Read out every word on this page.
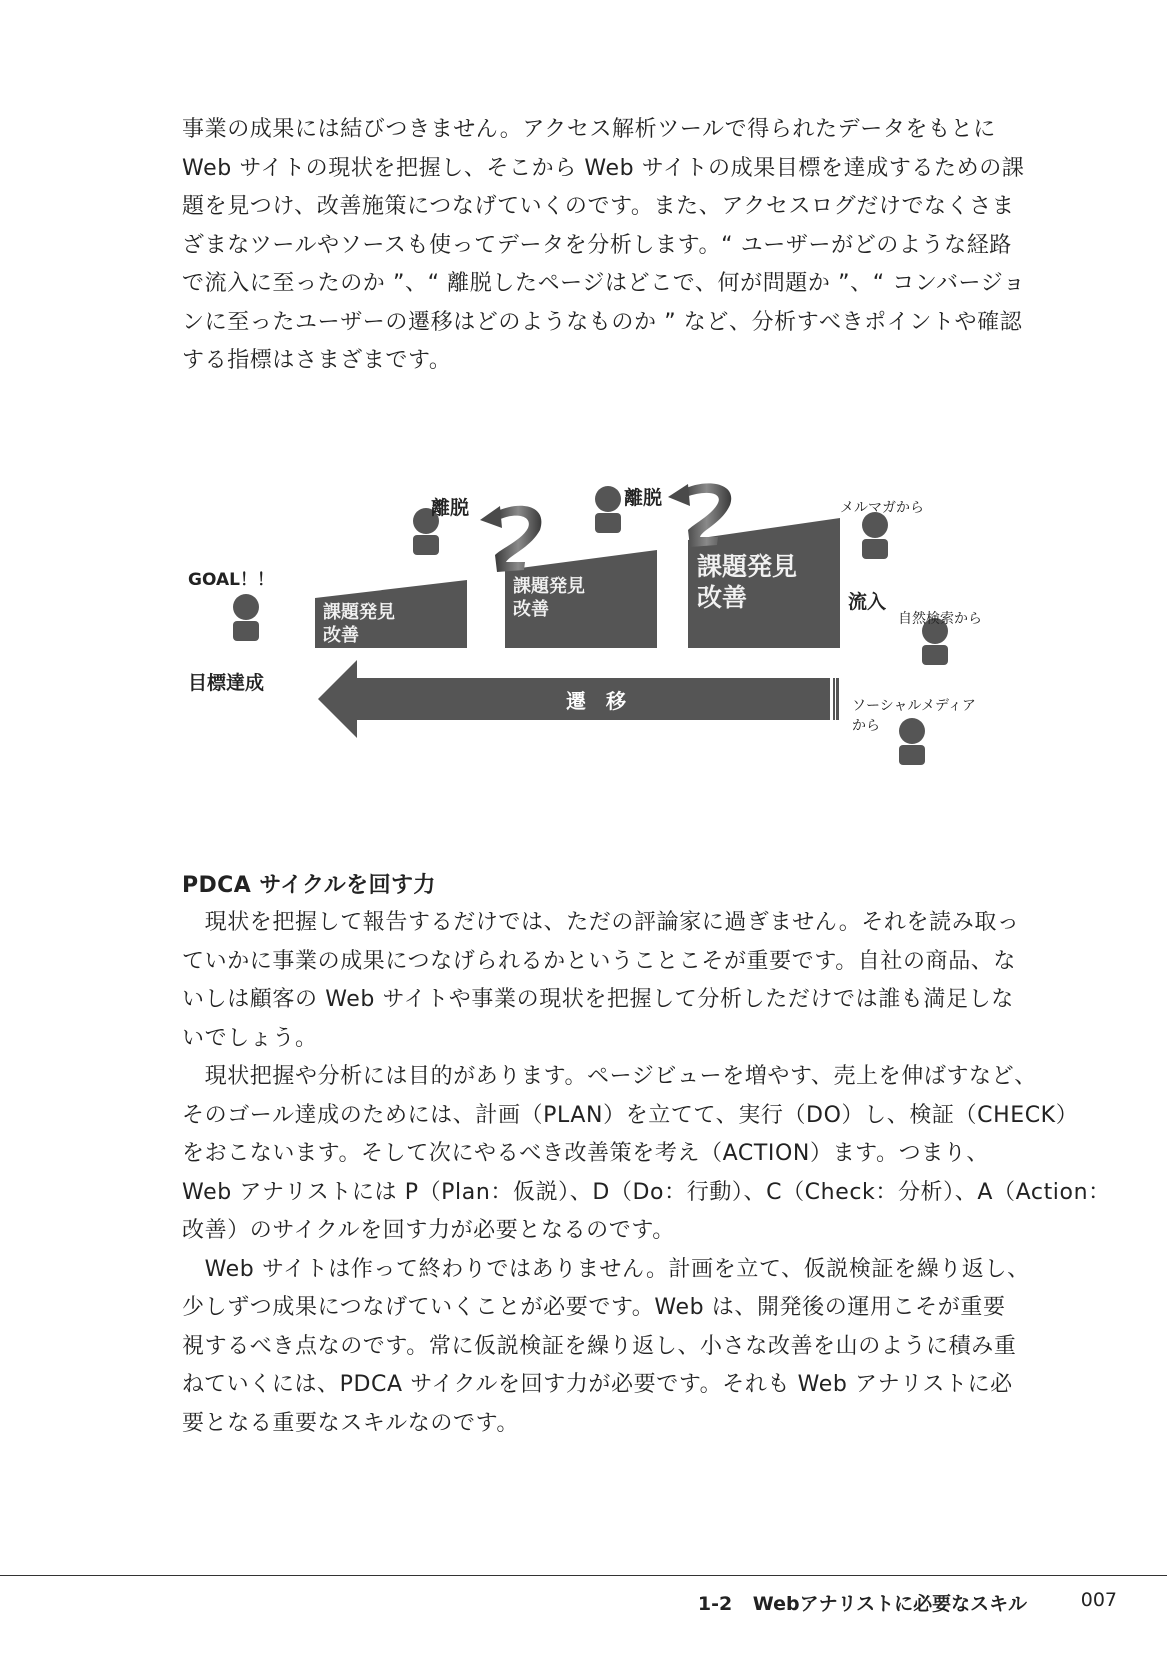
事業の成果には結びつきません。アクセス解析ツールで得られたデータをもとに
Web サイトの現状を把握し、そこから Web サイトの成果目標を達成するための課
題を見つけ、改善施策につなげていくのです。また、アクセスログだけでなくさま
ざまなツールやソースも使ってデータを分析します。“ ユーザーがどのような経路
で流入に至ったのか ”、“ 離脱したページはどこで、何が問題か ”、“ コンバージョ
ンに至ったユーザーの遷移はどのようなものか ” など、分析すべきポイントや確認
する指標はさまざまです。
遷　移
課題発見
改善
課題発見
改善
課題発見
改善
GOAL！！
目標達成
離脱	離脱
流入
メルマガから
自然検索から
ソーシャルメディア
から
PDCA サイクルを回す力
　現状を把握して報告するだけでは、ただの評論家に過ぎません。それを読み取っ
ていかに事業の成果につなげられるかということこそが重要です。自社の商品、な
いしは顧客の Web サイトや事業の現状を把握して分析しただけでは誰も満足しな
いでしょう。
　現状把握や分析には目的があります。ページビューを増やす、売上を伸ばすなど、
そのゴール達成のためには、計画（PLAN）を立てて、実行（DO）し、検証（CHECK）
をおこないます。そして次にやるべき改善策を考え（ACTION）ます。つまり、
Web アナリストには P（Plan：仮説）、D（Do：行動）、C（Check：分析）、A（Action：
改善）のサイクルを回す力が必要となるのです。
　Web サイトは作って終わりではありません。計画を立て、仮説検証を繰り返し、
少しずつ成果につなげていくことが必要です。Web は、開発後の運用こそが重要
視するべき点なのです。常に仮説検証を繰り返し、小さな改善を山のように積み重
ねていくには、PDCA サイクルを回す力が必要です。それも Web アナリストに必
要となる重要なスキルなのです。
1-2 Webアナリストに必要なスキル	007
